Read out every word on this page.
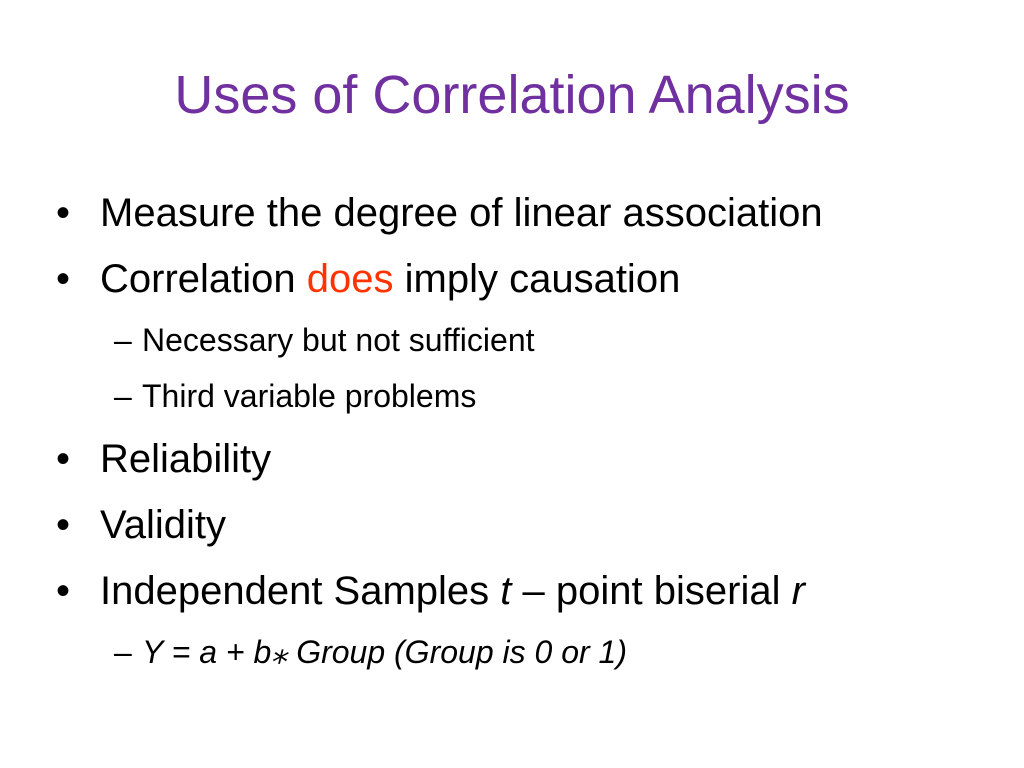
Uses of Correlation Analysis
• Measure the degree of linear association
• Correlation does imply causation
– Necessary but not sufficient
– Third variable problems
• Reliability
• Validity
• Independent Samples t – point biserial r
– Y = a + b⁎ Group (Group is 0 or 1)
